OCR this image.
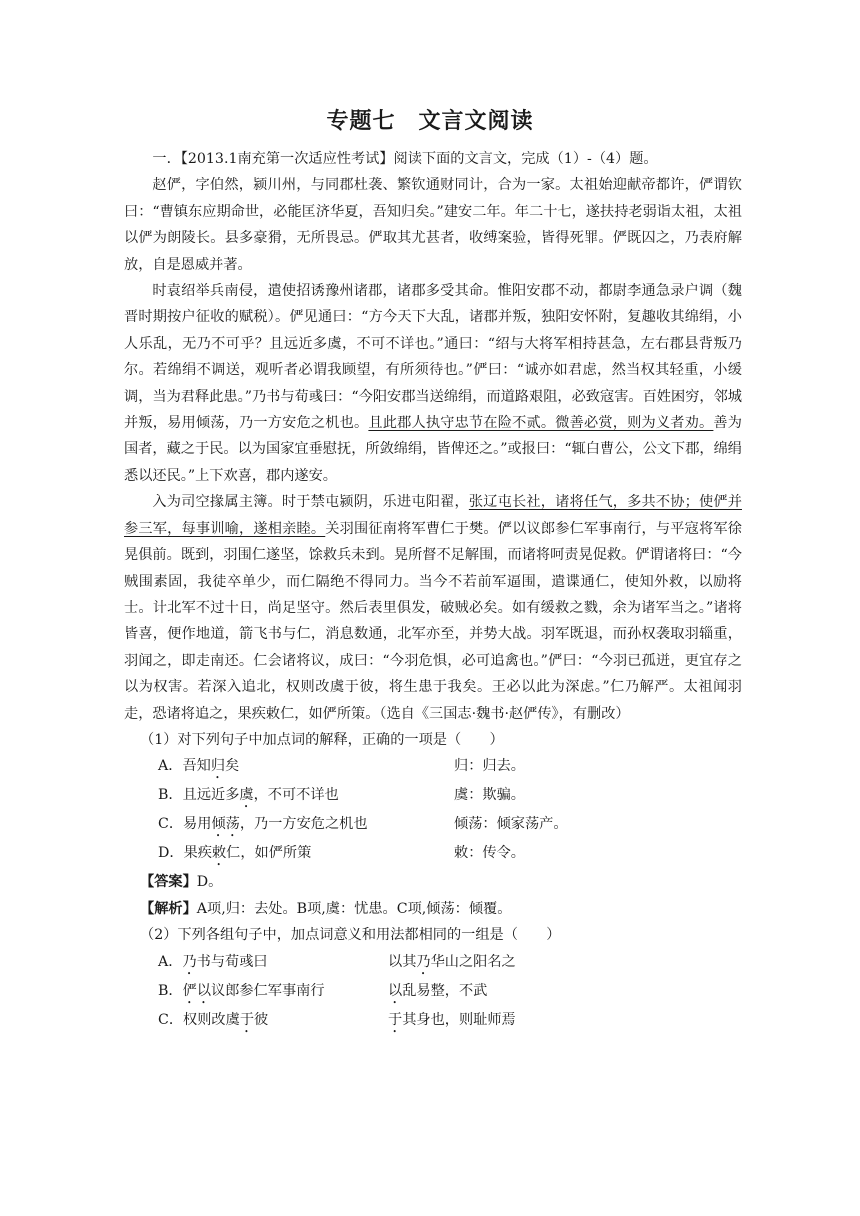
专题七　文言文阅读

一．【2013.1南充第一次适应性考试】阅读下面的文言文，完成（1）-（4）题。

赵俨，字伯然，颍川州，与同郡杜袭、繁钦通财同计，合为一家。太祖始迎献帝都许，俨谓钦曰：“曹镇东应期命世，必能匡济华夏，吾知归矣。”建安二年。年二十七，遂扶持老弱诣太祖，太祖以俨为朗陵长。县多豪猾，无所畏忌。俨取其尤甚者，收缚案验，皆得死罪。俨既囚之，乃表府解放，自是恩威并著。

时袁绍举兵南侵，遣使招诱豫州诸郡，诸郡多受其命。惟阳安郡不动，都尉李通急录户调（魏晋时期按户征收的赋税）。俨见通曰：“方今天下大乱，诸郡并叛，独阳安怀附，复趣收其绵绢，小人乐乱，无乃不可乎？且远近多虞，不可不详也。”通曰：“绍与大将军相持甚急，左右郡县背叛乃尔。若绵绢不调送，观听者必谓我顾望，有所须待也。”俨曰：“诚亦如君虑，然当权其轻重，小缓调，当为君释此患。”乃书与荀彧曰：“今阳安郡当送绵绢，而道路艰阻，必致寇害。百姓困穷，邻城并叛，易用倾荡，乃一方安危之机也。且此郡人执守忠节在险不贰。微善必赏，则为义者劝。善为国者，藏之于民。以为国家宜垂慰抚，所敛绵绢，皆俾还之。”或报曰：“辄白曹公，公文下郡，绵绢悉以还民。”上下欢喜，郡内遂安。

入为司空掾属主簿。时于禁屯颍阴，乐进屯阳翟，张辽屯长社，诸将任气，多共不协；使俨并参三军，每事训喻，遂相亲睦。关羽围征南将军曹仁于樊。俨以议郎参仁军事南行，与平寇将军徐晃俱前。既到，羽围仁遂坚，馀救兵未到。晃所督不足解围，而诸将呵责晃促救。俨谓诸将曰：“今贼围素固，我徒卒单少，而仁隔绝不得同力。当今不若前军逼围，遣谍通仁，使知外救，以励将士。计北军不过十日，尚足坚守。然后表里俱发，破贼必矣。如有缓救之戮，余为诸军当之。”诸将皆喜，便作地道，箭飞书与仁，消息数通，北军亦至，并势大战。羽军既退，而孙权袭取羽辎重，羽闻之，即走南还。仁会诸将议，成曰：“今羽危惧，必可追禽也。”俨曰：“今羽已孤迸，更宜存之以为权害。若深入追北，权则改虞于彼，将生患于我矣。王必以此为深虑。”仁乃解严。太祖闻羽走，恐诸将追之，果疾敕仁，如俨所策。（选自《三国志·魏书·赵俨传》，有删改）

（1）对下列句子中加点词的解释，正确的一项是（　　）
A．吾知归矣	归：归去。
B．且远近多虞，不可不详也	虞：欺骗。
C．易用倾荡，乃一方安危之机也	倾荡：倾家荡产。
D．果疾敕仁，如俨所策	敕：传令。
【答案】D。
【解析】A项,归：去处。B项,虞：忧患。C项,倾荡：倾覆。
（2）下列各组句子中，加点词意义和用法都相同的一组是（　　）
A．乃书与荀彧曰	以其乃华山之阳名之
B．俨以议郎参仁军事南行	以乱易整，不武
C．权则改虞于彼	于其身也，则耻师焉
